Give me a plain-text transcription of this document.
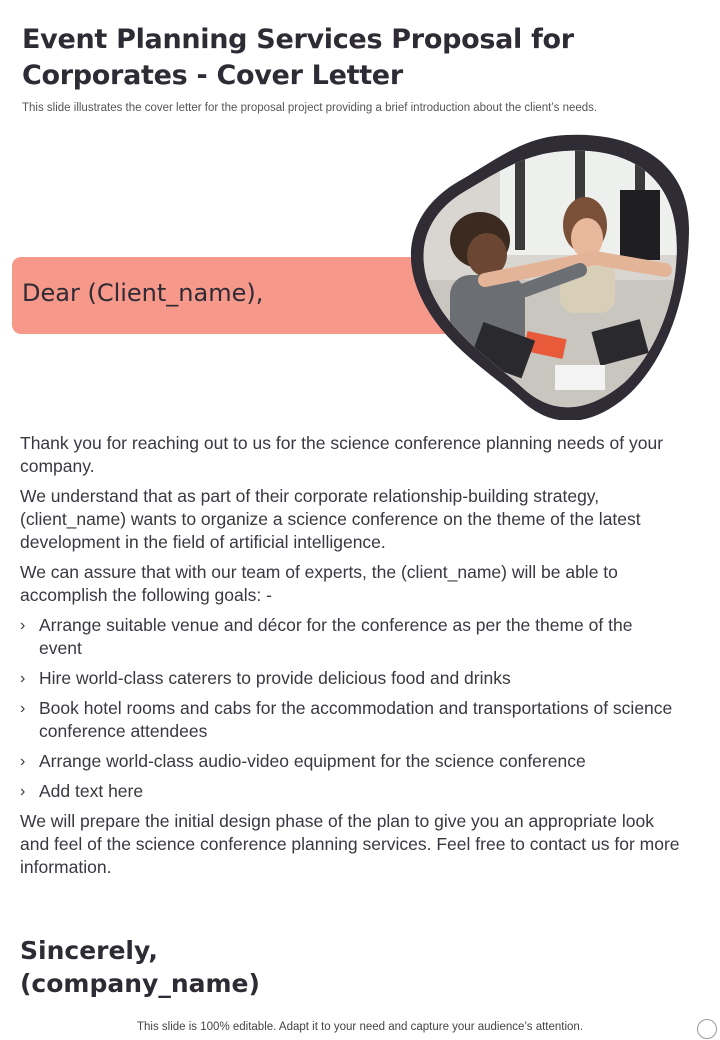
Event Planning Services Proposal for Corporates - Cover Letter

This slide illustrates the cover letter for the proposal project providing a brief introduction about the client’s needs.

Dear (Client_name),

Thank you for reaching out to us for the science conference planning needs of your company.

We understand that as part of their corporate relationship-building strategy, (client_name) wants to organize a science conference on the theme of the latest development in the field of artificial intelligence.

We can assure that with our team of experts, the (client_name) will be able to accomplish the following goals: -

› Arrange suitable venue and décor for the conference as per the theme of the event
› Hire world-class caterers to provide delicious food and drinks
› Book hotel rooms and cabs for the accommodation and transportations of science conference attendees
› Arrange world-class audio-video equipment for the science conference
› Add text here

We will prepare the initial design phase of the plan to give you an appropriate look and feel of the science conference planning services. Feel free to contact us for more information.

Sincerely,
(company_name)
This slide is 100% editable. Adapt it to your need and capture your audience’s attention.
